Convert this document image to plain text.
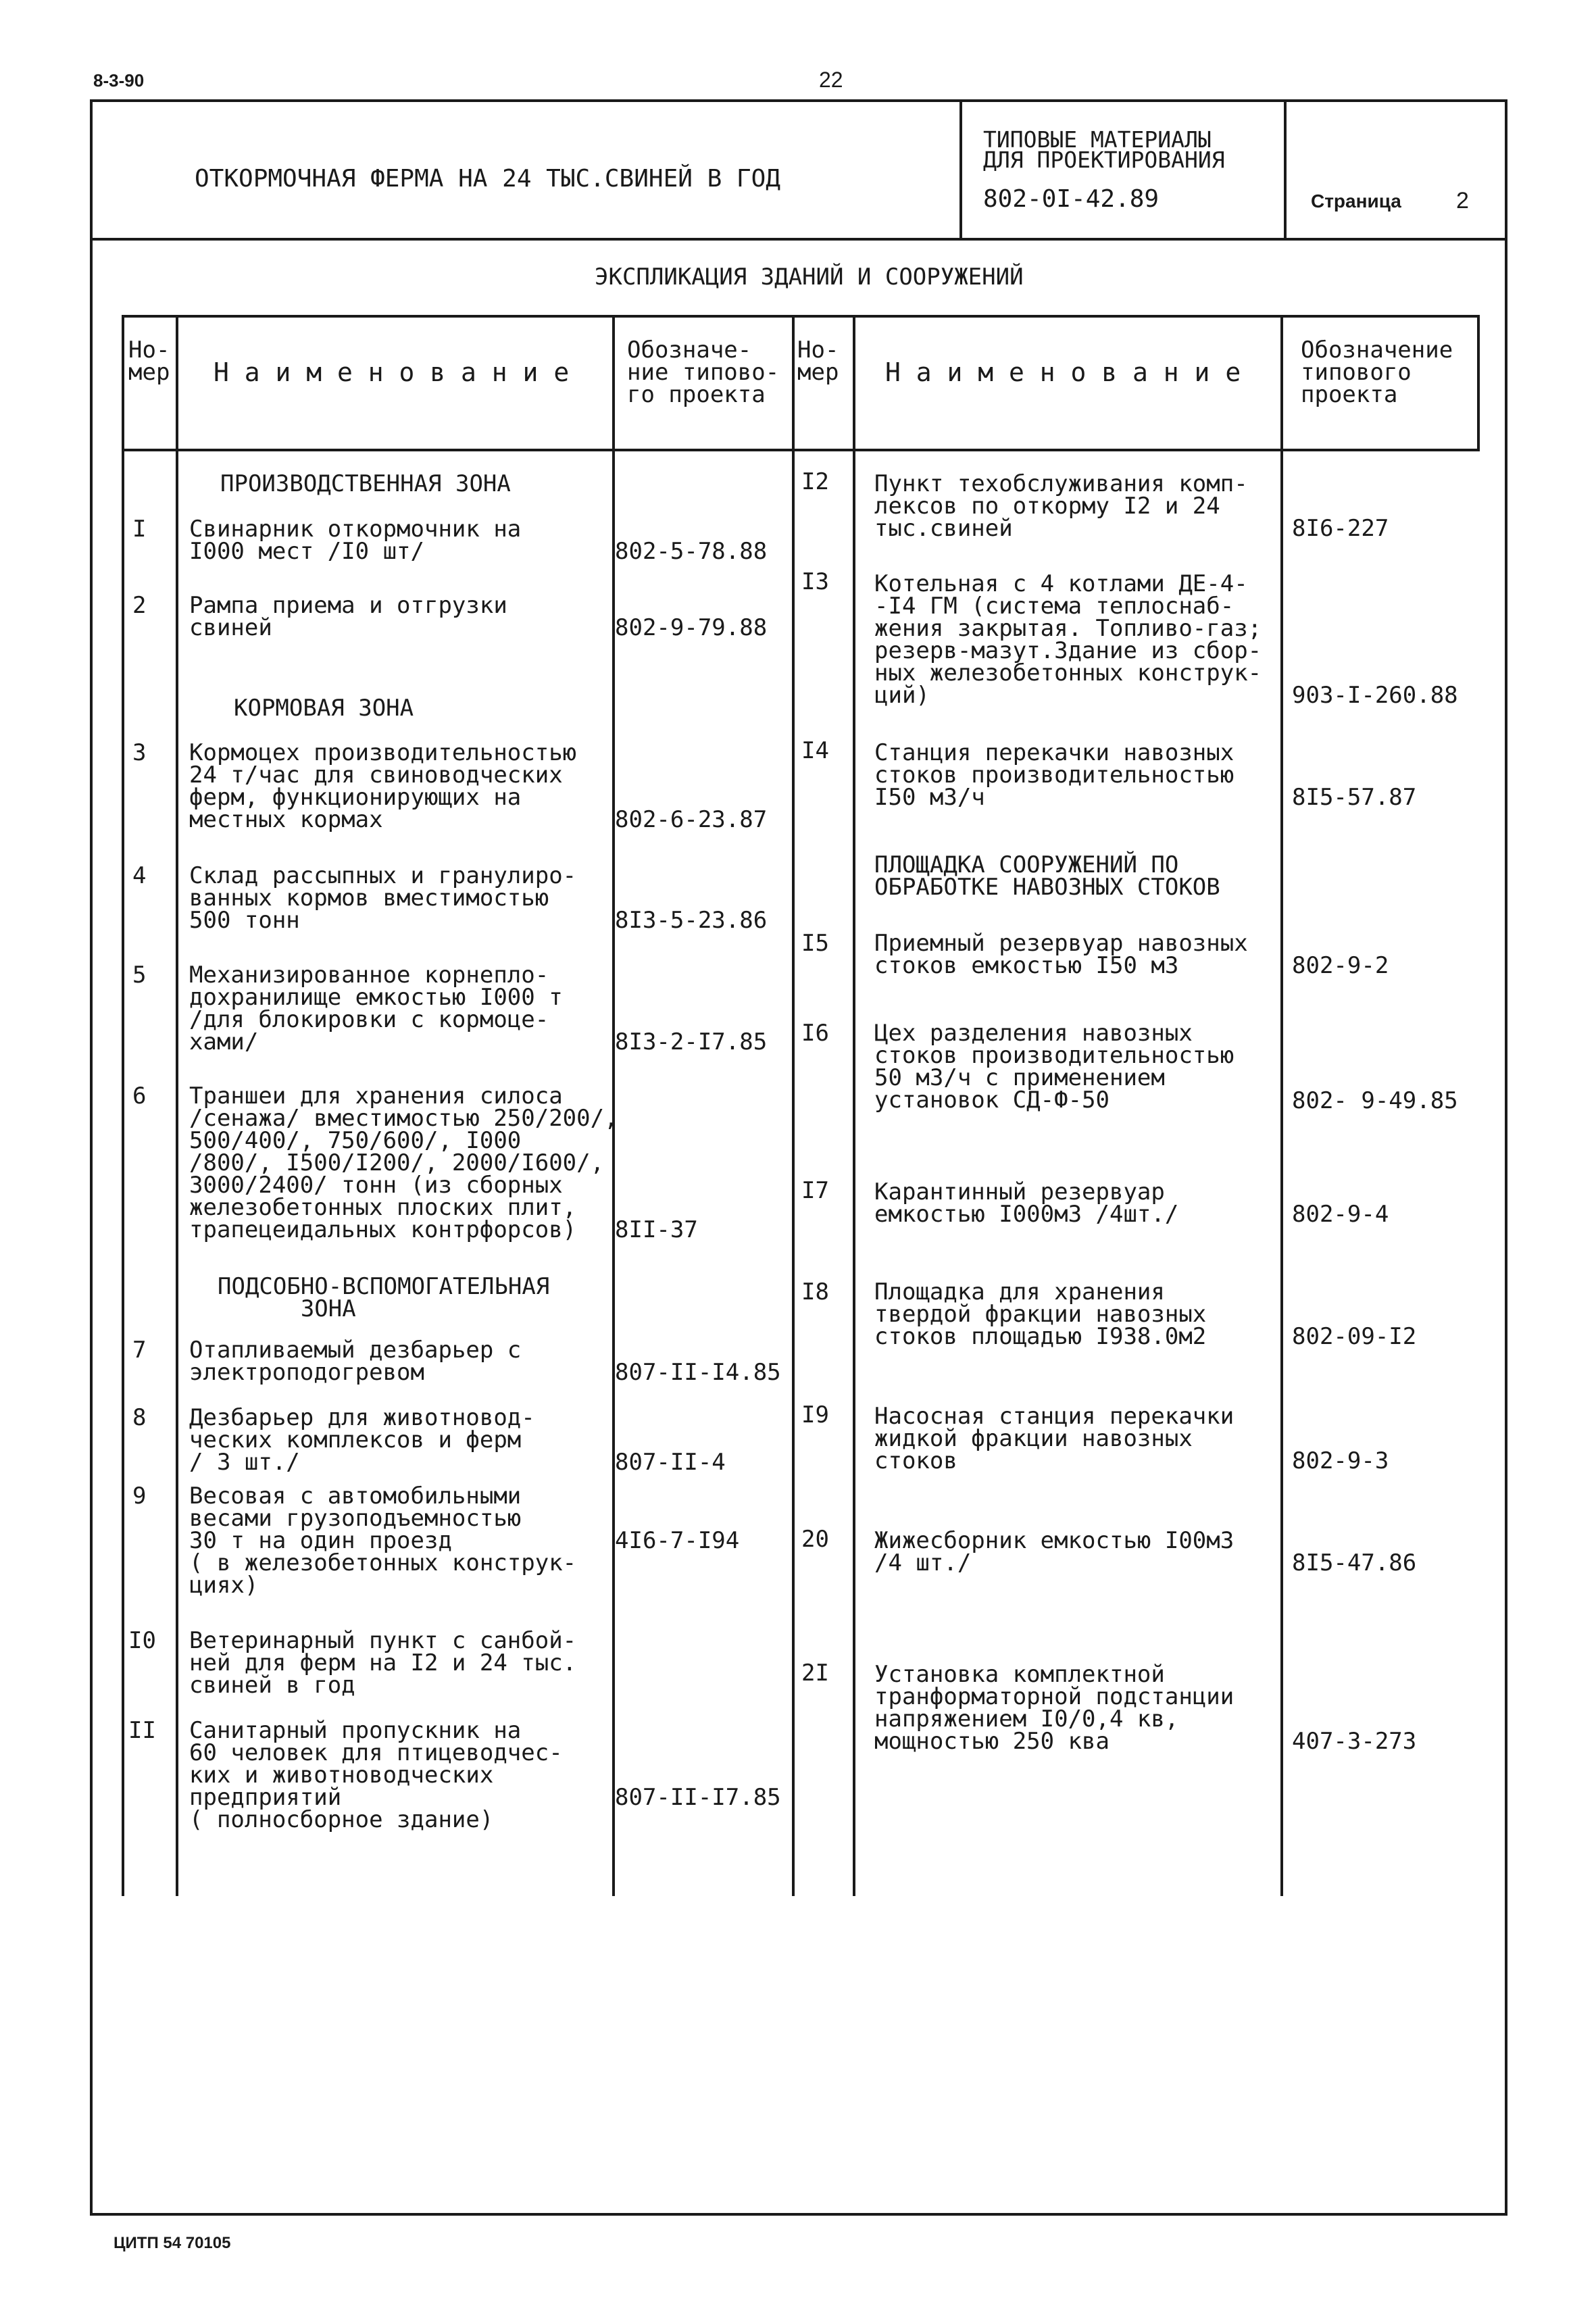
8-3-90	22
ОТКОРМОЧНАЯ ФЕРМА НА 24 ТЫС.СВИНЕЙ В ГОД
ТИПОВЫЕ МАТЕРИАЛЫ
ДЛЯ ПРОЕКТИРОВАНИЯ
802-0I-42.89	Страница 2
ЭКСПЛИКАЦИЯ ЗДАНИЙ И СООРУЖЕНИЙ
Но-
мер Н а и м е н о в а н и е
Обозначе-
ние типово-
го проекта
Но-
мер Н а и м е н о в а н и е
Обозначение
типового
проекта
ПРОИЗВОДСТВЕННАЯ ЗОНА
I Свинарник откормочник на
I000 мест /I0 шт/	802-5-78.88
2 Рампа приема и отгрузки
свиней	802-9-79.88
КОРМОВАЯ ЗОНА
3 Кормоцех производительностью
24 т/час для свиноводческих
ферм, функционирующих на
местных кормах	802-6-23.87
4 Склад рассыпных и гранулиро-
ванных кормов вместимостью
500 тонн	8I3-5-23.86
5 Механизированное корнеплo-
дохранилище емкостью I000 т
/для блокировки с кормоце-
хами/	8I3-2-I7.85
6 Траншеи для хранения силоса
/сенажа/ вместимостью 250/200/,
500/400/, 750/600/, I000
/800/, I500/I200/, 2000/I600/,
3000/2400/ тонн (из сборных
железобетонных плоских плит,
трапецеидальных контрфорсов)	8II-37
ПОДСОБНО-ВСПОМОГАТЕЛЬНАЯ
ЗОНА
7 Отапливаемый дезбарьер с
электроподогревом	807-II-I4.85
8 Дезбарьер для животновод-
ческих комплексов и ферм
/ 3 шт./	807-II-4
9 Весовая с автомобильными
весами грузоподъемностью
30 т на один проезд
( в железобетонных конструк-
циях)
4I6-7-I94
I0 Ветеринарный пункт с санбой-
ней для ферм на I2 и 24 тыс.
свиней в год
II Санитарный пропускник на
60 человек для птицеводчес-
ких и животноводческих
предприятий
( полносборное здание)
807-II-I7.85
I2 Пункт техобслуживания комп-
лексов по откорму I2 и 24
тыс.свиней	8I6-227
I3 Котельная с 4 котлами ДЕ-4-
-I4 ГМ (система теплоснаб-
жения закрытая. Топливо-газ;
резерв-мазут.Здание из сбор-
ных железобетонных конструк-
ций)	903-I-260.88
I4 Станция перекачки навозных
стоков производительностью
I50 м3/ч	8I5-57.87
ПЛОЩАДКА СООРУЖЕНИЙ ПО
ОБРАБОТКЕ НАВОЗНЫХ СТОКОВ
I5 Приемный резервуар навозных
стоков емкостью I50 м3	802-9-2
I6 Цех разделения навозных
стоков производительностью
50 м3/ч с применением
установок СД-Ф-50	802- 9-49.85
I7 Карантинный резервуар
емкостью I000м3 /4шт./	802-9-4
I8 Площадка для хранения
твердой фракции навозных
стоков площадью I938.0м2	802-09-I2
I9 Насосная станция перекачки
жидкой фракции навозных
стоков	802-9-3
20 Жижесборник емкостью I00м3
/4 шт./	8I5-47.86
2I Установка комплектной
транформаторной подстанции
напряжением I0/0,4 кв,
мощностью 250 ква	407-3-273
ЦИТП 54 70105
